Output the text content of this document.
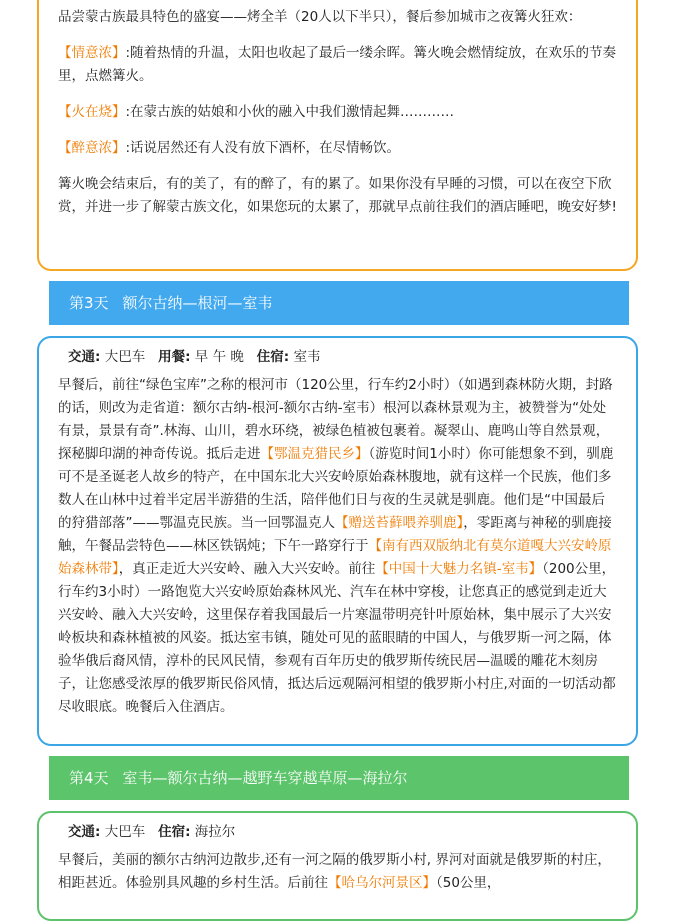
品尝蒙古族最具特色的盛宴——烤全羊（20人以下半只），餐后参加城市之夜篝火狂欢：

【情意浓】:随着热情的升温，太阳也收起了最后一缕余晖。篝火晚会燃情绽放，在欢乐的节奏里，点燃篝火。

【火在烧】:在蒙古族的姑娘和小伙的融入中我们激情起舞…………

【醉意浓】:话说居然还有人没有放下酒杯，在尽情畅饮。

篝火晚会结束后，有的美了，有的醉了，有的累了。如果你没有早睡的习惯，可以在夜空下欣赏，并进一步了解蒙古族文化，如果您玩的太累了，那就早点前往我们的酒店睡吧，晚安好梦!

第3天 额尔古纳—根河—室韦

交通: 大巴车 用餐: 早 午 晚 住宿: 室韦

早餐后，前往“绿色宝库”之称的根河市（120公里，行车约2小时）（如遇到森林防火期，封路的话，则改为走省道：额尔古纳-根河-额尔古纳-室韦）根河以森林景观为主，被赞誉为“处处有景，景景有奇”.林海、山川，碧水环绕，被绿色植被包裹着。凝翠山、鹿鸣山等自然景观，探秘脚印湖的神奇传说。抵后走进【鄂温克猎民乡】（游览时间1小时）你可能想象不到，驯鹿可不是圣诞老人故乡的特产，在中国东北大兴安岭原始森林腹地，就有这样一个民族，他们多数人在山林中过着半定居半游猎的生活，陪伴他们日与夜的生灵就是驯鹿。他们是“中国最后的狩猎部落”——鄂温克民族。当一回鄂温克人【赠送苔藓喂养驯鹿】，零距离与神秘的驯鹿接触，午餐品尝特色——林区铁锅炖；下午一路穿行于【南有西双版纳北有莫尔道嘎大兴安岭原始森林带】，真正走近大兴安岭、融入大兴安岭。前往【中国十大魅力名镇-室韦】（200公里，行车约3小时）一路饱览大兴安岭原始森林风光、汽车在林中穿梭，让您真正的感觉到走近大兴安岭、融入大兴安岭，这里保存着我国最后一片寒温带明亮针叶原始林，集中展示了大兴安岭板块和森林植被的风姿。抵达室韦镇，随处可见的蓝眼睛的中国人，与俄罗斯一河之隔，体验华俄后裔风情，淳朴的民风民情，参观有百年历史的俄罗斯传统民居—温暖的雕花木刻房子，让您感受浓厚的俄罗斯民俗风情，抵达后远观隔河相望的俄罗斯小村庄,对面的一切活动都尽收眼底。晚餐后入住酒店。

第4天 室韦—额尔古纳—越野车穿越草原—海拉尔

交通: 大巴车 住宿: 海拉尔

早餐后，美丽的额尔古纳河边散步,还有一河之隔的俄罗斯小村, 界河对面就是俄罗斯的村庄，相距甚近。体验别具风趣的乡村生活。后前往【哈乌尔河景区】（50公里，
